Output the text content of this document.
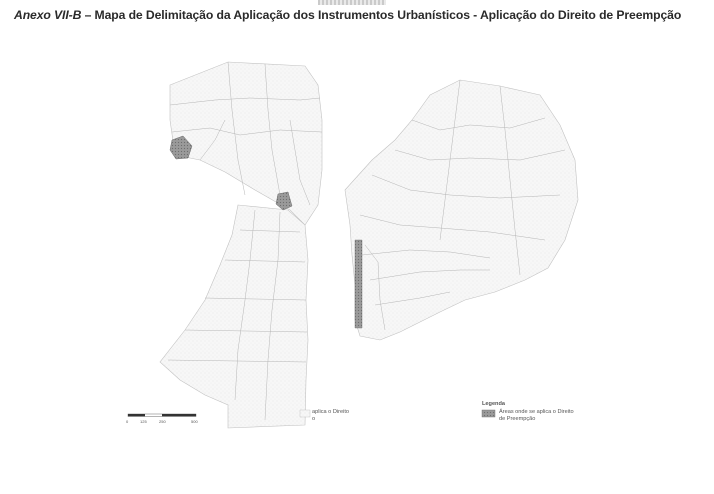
Anexo VII-B – Mapa de Delimitação da Aplicação dos Instrumentos Urbanísticos - Aplicação do Direito de Preempção
0	125	250	500
aplica o Direito
o
Legenda
Áreas onde se aplica o Direito
de Preempção
